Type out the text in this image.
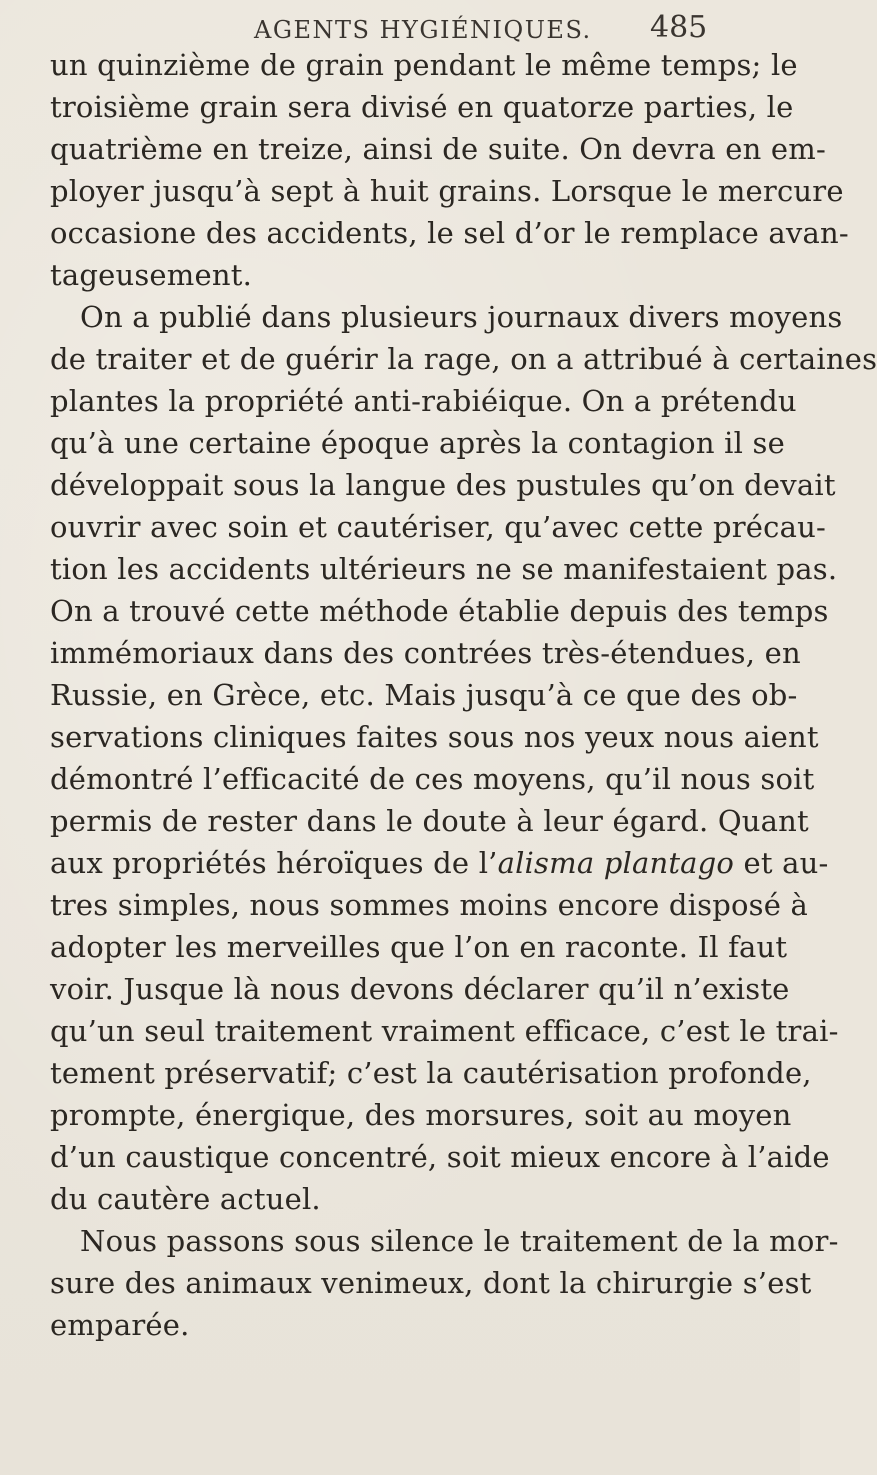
AGENTS HYGIÉNIQUES. 485
un quinzième de grain pendant le même temps; le
troisième grain sera divisé en quatorze parties, le
quatrième en treize, ainsi de suite. On devra en em-
ployer jusqu’à sept à huit grains. Lorsque le mercure
occasione des accidents, le sel d’or le remplace avan-
tageusement.
On a publié dans plusieurs journaux divers moyens
de traiter et de guérir la rage, on a attribué à certaines
plantes la propriété anti-rabiéique. On a prétendu
qu’à une certaine époque après la contagion il se
développait sous la langue des pustules qu’on devait
ouvrir avec soin et cautériser, qu’avec cette précau-
tion les accidents ultérieurs ne se manifestaient pas.
On a trouvé cette méthode établie depuis des temps
immémoriaux dans des contrées très-étendues, en
Russie, en Grèce, etc. Mais jusqu’à ce que des ob-
servations cliniques faites sous nos yeux nous aient
démontré l’efficacité de ces moyens, qu’il nous soit
permis de rester dans le doute à leur égard. Quant
aux propriétés héroïques de l’alisma plantago et au-
tres simples, nous sommes moins encore disposé à
adopter les merveilles que l’on en raconte. Il faut
voir. Jusque là nous devons déclarer qu’il n’existe
qu’un seul traitement vraiment efficace, c’est le trai-
tement préservatif; c’est la cautérisation profonde,
prompte, énergique, des morsures, soit au moyen
d’un caustique concentré, soit mieux encore à l’aide
du cautère actuel.
Nous passons sous silence le traitement de la mor-
sure des animaux venimeux, dont la chirurgie s’est
emparée.
